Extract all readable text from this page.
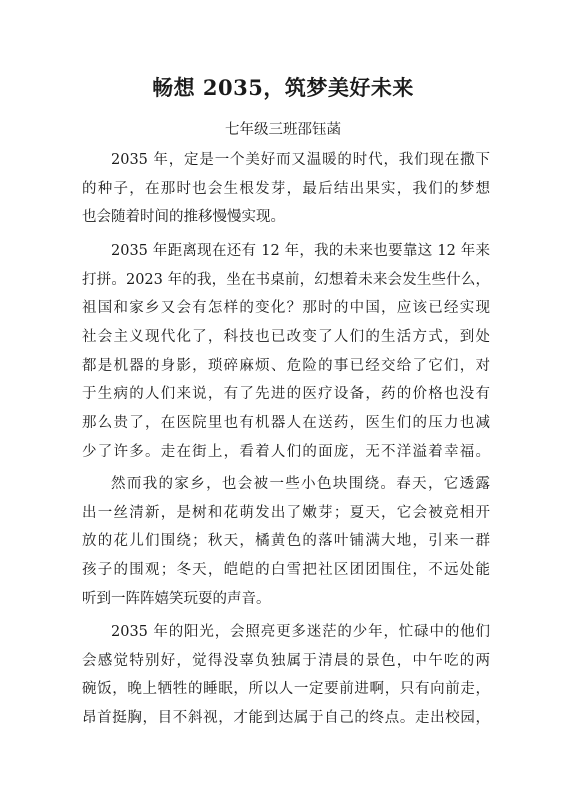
畅想 2035，筑梦美好未来
七年级三班邵钰菡
2035 年，定是一个美好而又温暖的时代，我们现在撒下
的种子，在那时也会生根发芽，最后结出果实，我们的梦想
也会随着时间的推移慢慢实现。
2035 年距离现在还有 12 年，我的未来也要靠这 12 年来
打拼。2023 年的我，坐在书桌前，幻想着未来会发生些什么，
祖国和家乡又会有怎样的变化？那时的中国，应该已经实现
社会主义现代化了，科技也已改变了人们的生活方式，到处
都是机器的身影，琐碎麻烦、危险的事已经交给了它们，对
于生病的人们来说，有了先进的医疗设备，药的价格也没有
那么贵了，在医院里也有机器人在送药，医生们的压力也减
少了许多。走在街上，看着人们的面庞，无不洋溢着幸福。
然而我的家乡，也会被一些小色块围绕。春天，它透露
出一丝清新，是树和花萌发出了嫩芽；夏天，它会被竞相开
放的花儿们围绕；秋天，橘黄色的落叶铺满大地，引来一群
孩子的围观；冬天，皑皑的白雪把社区团团围住，不远处能
听到一阵阵嬉笑玩耍的声音。
2035 年的阳光，会照亮更多迷茫的少年，忙碌中的他们
会感觉特别好，觉得没辜负独属于清晨的景色，中午吃的两
碗饭，晚上牺牲的睡眠，所以人一定要前进啊，只有向前走，
昂首挺胸，目不斜视，才能到达属于自己的终点。走出校园，
